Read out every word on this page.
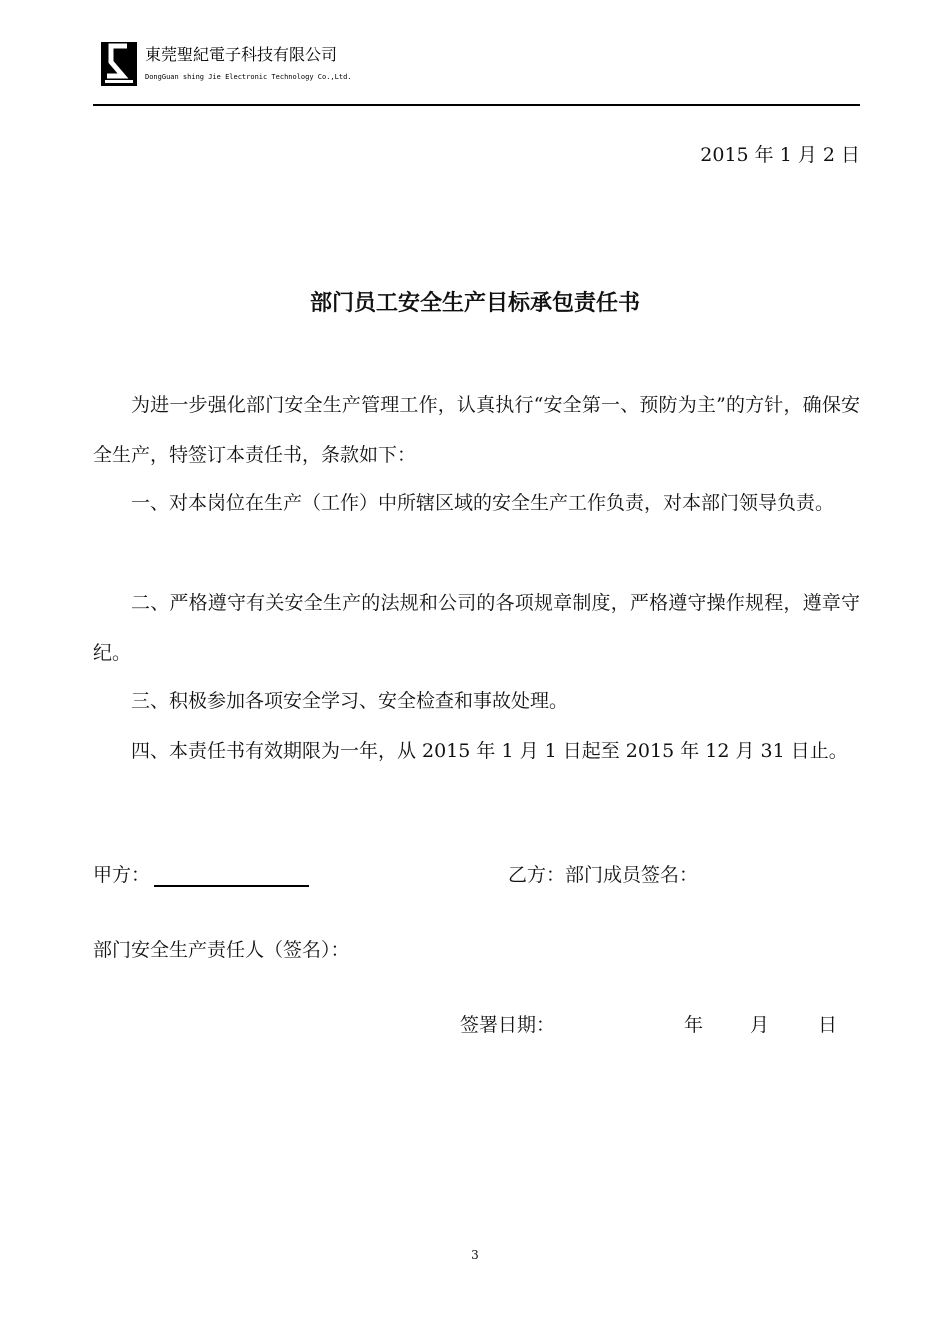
東莞聖紀電子科技有限公司
DongGuan shing Jie Electronic Technology Co.,Ltd.
2015 年 1 月 2 日
部门员工安全生产目标承包责任书

为进一步强化部门安全生产管理工作，认真执行“安全第一、预防为主”的方针，确保安全生产，特签订本责任书，条款如下：

一、对本岗位在生产（工作）中所辖区域的安全生产工作负责，对本部门领导负责。

二、严格遵守有关安全生产的法规和公司的各项规章制度，严格遵守操作规程，遵章守纪。

三、积极参加各项安全学习、安全检查和事故处理。

四、本责任书有效期限为一年，从 2015 年 1 月 1 日起至 2015 年 12 月 31 日止。

甲方：	乙方：部门成员签名：
部门安全生产责任人（签名）：
签署日期：	年 月	日
3
